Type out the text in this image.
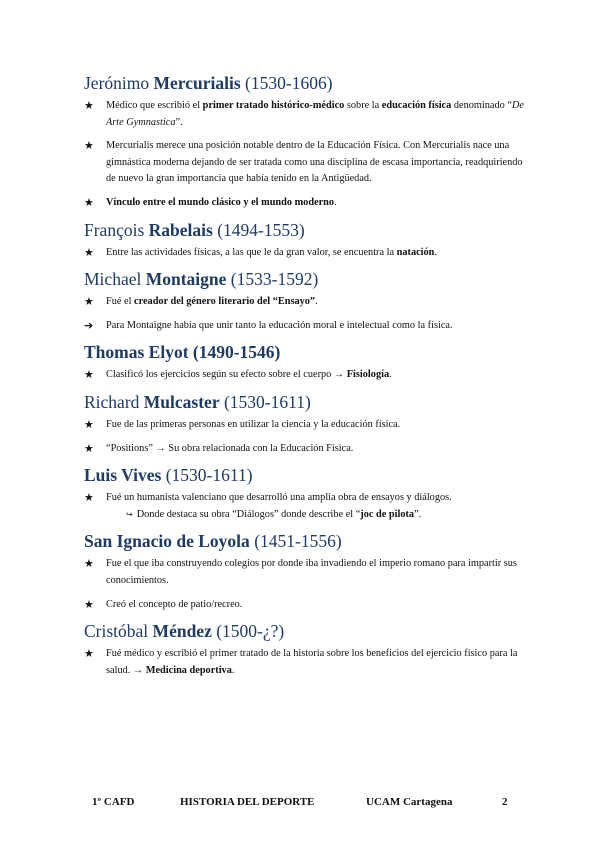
Jerónimo Mercurialis (1530-1606)
★	Médico que escribió el primer tratado histórico-médico sobre la educación física denominado “De Arte Gymnastica”.
★	Mercurialis merece una posición notable dentro de la Educación Física. Con Mercurialis nace una gimnástica moderna dejando de ser tratada como una disciplina de escasa importancia, readquiriendo de nuevo la gran importancia que había tenido en la Antigüedad.
★	Vínculo entre el mundo clásico y el mundo moderno.
François Rabelais (1494-1553)
★	Entre las actividades físicas, a las que le da gran valor, se encuentra la natación.
Michael Montaigne (1533-1592)
★	Fué el creador del género literario del “Ensayo”.
➔	Para Montaigne había que unir tanto la educación moral e intelectual como la física.
Thomas Elyot (1490-1546)
★	Clasificó los ejercicios según su efecto sobre el cuerpo → Fisiología.
Richard Mulcaster (1530-1611)
★	Fue de las primeras personas en utilizar la ciencia y la educación física.
★	“Positions” → Su obra relacionada con la Educación Física.
Luis Vives (1530-1611)
★	Fué un humanista valenciano que desarrolló una amplia obra de ensayos y diálogos.
↪ Donde destaca su obra “Diálogos” donde describe el “joc de pilota”.
San Ignacio de Loyola (1451-1556)
★	Fue el que iba construyendo colegios por donde iba invadiendo el imperio romano para impartir sus conocimientos.
★	Creó el concepto de patio/recreo.
Cristóbal Méndez (1500-¿?)
★	Fué médico y escribió el primer tratado de la historia sobre los beneficios del ejercicio físico para la salud. → Medicina deportiva.
1º CAFD	HISTORIA DEL DEPORTE	UCAM Cartagena	2
